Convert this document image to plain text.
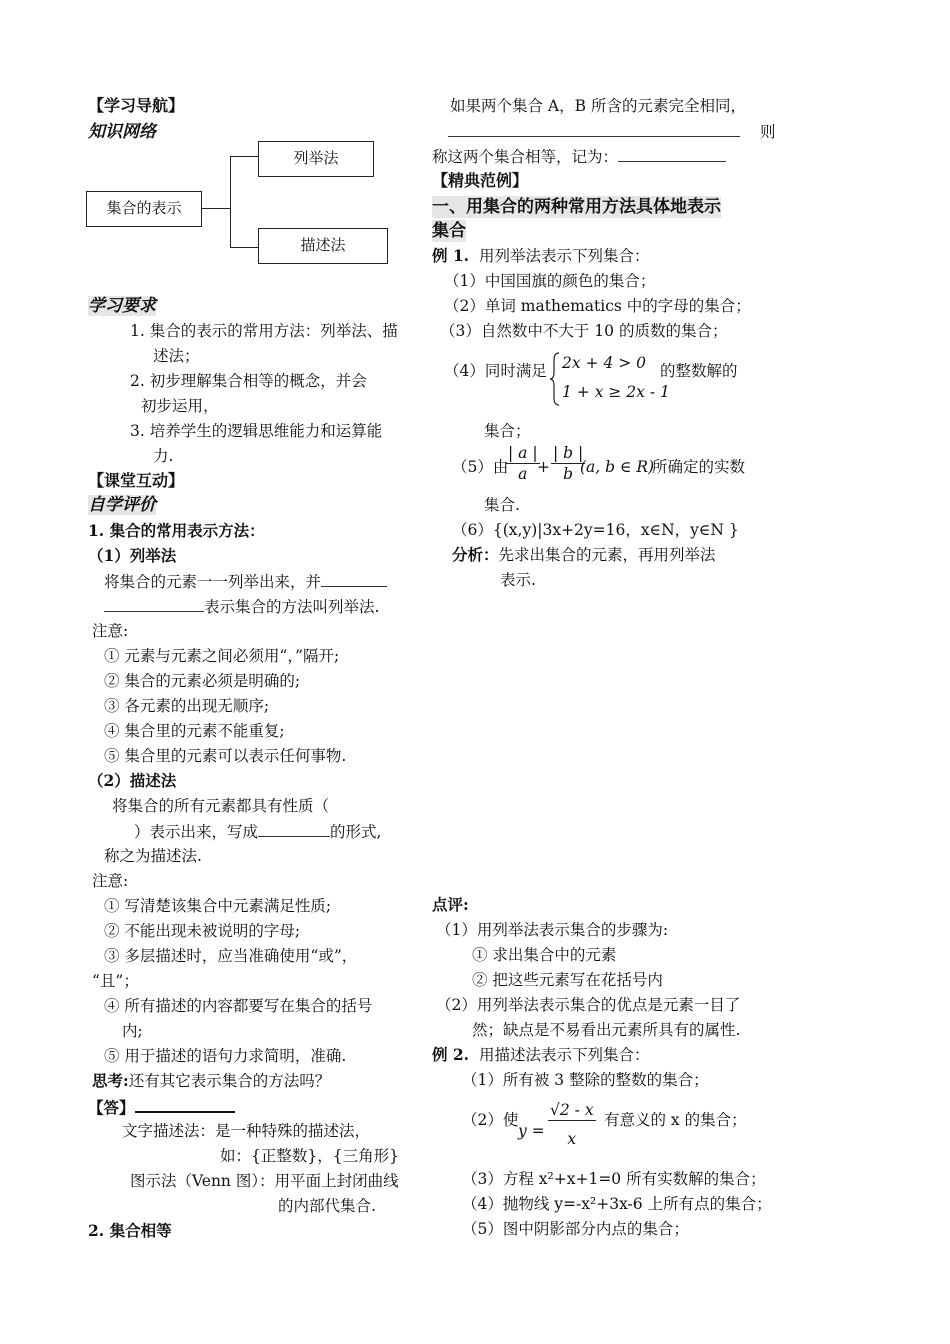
【学习导航】
知识网络
集合的表示
列举法
描述法
学习要求
1. 集合的表示的常用方法：列举法、描
述法；
2. 初步理解集合相等的概念，并会
初步运用，
3. 培养学生的逻辑思维能力和运算能
力.
【课堂互动】
自学评价
1. 集合的常用表示方法：
（1）列举法
将集合的元素一一列举出来，并
表示集合的方法叫列举法.
注意:
① 元素与元素之间必须用“，”隔开;
② 集合的元素必须是明确的;
③ 各元素的出现无顺序;
④ 集合里的元素不能重复;
⑤ 集合里的元素可以表示任何事物.
（2）描述法
将集合的所有元素都具有性质（
）表示出来，写成	的形式,
称之为描述法.
注意:
① 写清楚该集合中元素满足性质;
② 不能出现未被说明的字母;
③ 多层描述时，应当准确使用“或”，
“且”；
④ 所有描述的内容都要写在集合的括号
内;
⑤ 用于描述的语句力求简明，准确.
思考:还有其它表示集合的方法吗？
【答】
文字描述法：是一种特殊的描述法，
如：{正整数}，{三角形}
图示法（Venn 图）：用平面上封闭曲线
的内部代集合.
2. 集合相等
如果两个集合 A，B 所含的元素完全相同，
则
称这两个集合相等，记为：
【精典范例】
一、用集合的两种常用方法具体地表示
集合
例 1. 用列举法表示下列集合：
（1）中国国旗的颜色的集合；
（2）单词 mathematics 中的字母的集合；
（3）自然数中不大于 10 的质数的集合；
（4）同时满足 2x + 4 > 0
1 + x ≥ 2x - 1
的整数解的
集合；
（5）由
$\frac{| a |}{a}$
+ $\frac{| b |}{b}$
(a, b ∈ R)
所确定的实数
集合.
（6）{(x,y)|3x+2y=16，x∈N，y∈N }
分析：先求出集合的元素，再用列举法
表示.
点评:
（1）用列举法表示集合的步骤为:
① 求出集合中的元素
② 把这些元素写在花括号内
（2）用列举法表示集合的优点是元素一目了
然；缺点是不易看出元素所具有的属性.
例 2. 用描述法表示下列集合：
（1）所有被 3 整除的整数的集合；
（2）使
$y = \frac{√2 - x}{x}$ 有意义的 x 的集合；
（3）方程 x²+x+1=0 所有实数解的集合；
（4）抛物线 y=-x²+3x-6 上所有点的集合；
（5）图中阴影部分内点的集合；
